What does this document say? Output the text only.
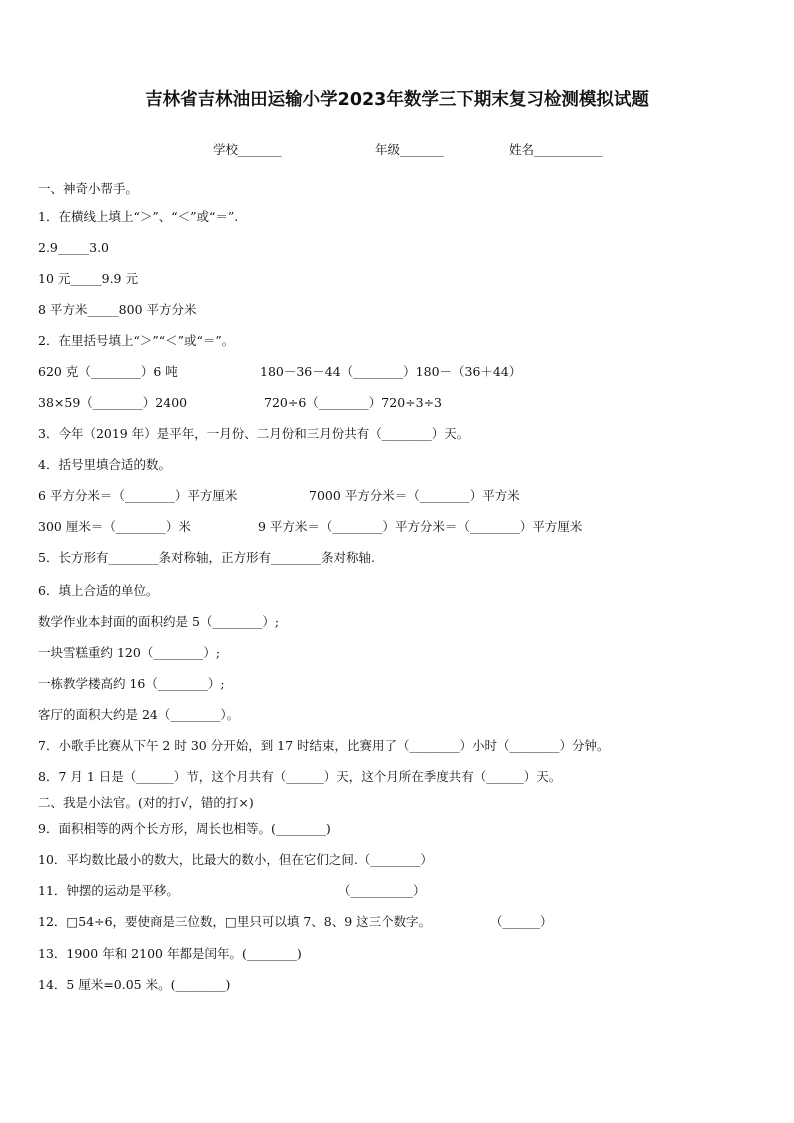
吉林省吉林油田运输小学2023年数学三下期末复习检测模拟试题
学校_______	年级_______	姓名___________
一、神奇小帮手。
1．在横线上填上“＞”、“＜”或“＝”.
2.9_____3.0
10 元_____9.9 元
8 平方米_____800 平方分米
2．在里括号填上“＞”“＜”或“＝”。
620 克（________）6 吨	180－36－44（________）180－（36＋44）
38×59（________）2400	720÷6（________）720÷3÷3
3．今年（2019 年）是平年，一月份、二月份和三月份共有（________）天。
4．括号里填合适的数。
6 平方分米＝（________）平方厘米	7000 平方分米＝（________）平方米
300 厘米＝（________）米	9 平方米＝（________）平方分米＝（________）平方厘米
5．长方形有________条对称轴，正方形有________条对称轴.
6．填上合适的单位。
数学作业本封面的面积约是 5（________）;
一块雪糕重约 120（________）;
一栋教学楼高约 16（________）;
客厅的面积大约是 24（________）。
7．小歌手比赛从下午 2 时 30 分开始，到 17 时结束，比赛用了（________）小时（________）分钟。
8．7 月 1 日是（______）节，这个月共有（______）天，这个月所在季度共有（______）天。
二、我是小法官。(对的打√，错的打×)
9．面积相等的两个长方形，周长也相等。(________)
10．平均数比最小的数大，比最大的数小，但在它们之间.（________）
11．钟摆的运动是平移。	（__________）
12．□54÷6，要使商是三位数，□里只可以填 7、8、9 这三个数字。	（______）
13．1900 年和 2100 年都是闰年。(________)
14．5 厘米=0.05 米。(________)
